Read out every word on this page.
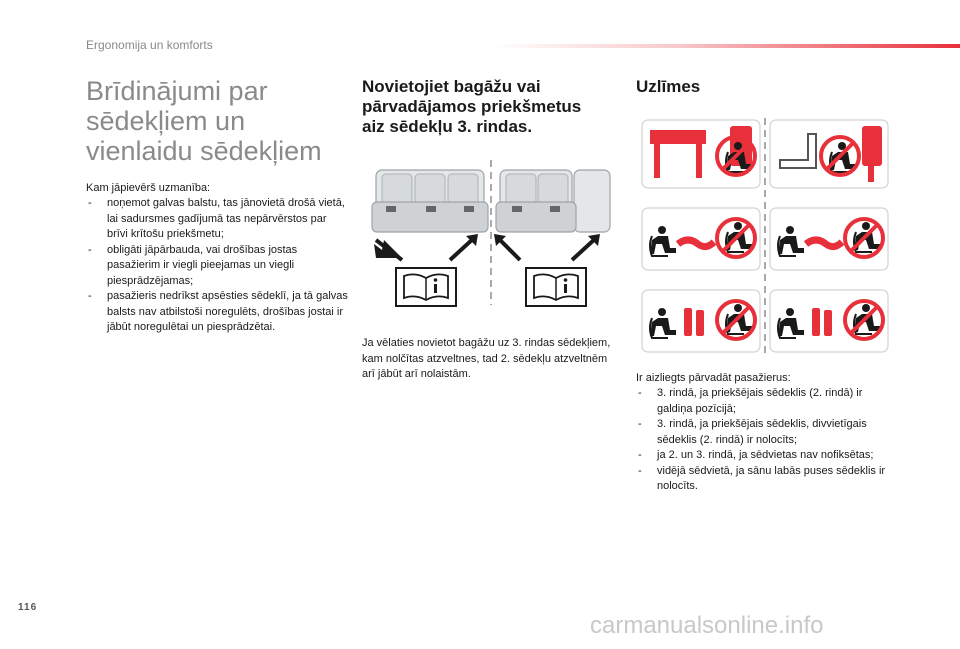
Ergonomija un komforts
116
Brīdinājumi par
sēdekļiem un
vienlaidu sēdekļiem
Kam jāpievērš uzmanība:
- noņemot galvas balstu, tas jānovietā drošā vietā, lai sadursmes gadījumā tas nepārvērstos par brīvi krītošu priekšmetu;
- obligāti jāpārbauda, vai drošības jostas pasažierim ir viegli pieejamas un viegli piesprādzējamas;
- pasažieris nedrīkst apsēsties sēdeklī, ja tā galvas balsts nav atbilstoši noregulēts, drošības jostai ir jābūt noregulētai un piesprādzētai.
Novietojiet bagāžu vai
pārvadājamos priekšmetus
aiz sēdekļu 3. rindas.
Ja vēlaties novietot bagāžu uz 3. rindas sēdekļiem, kam nolčītas atzveltnes, tad 2. sēdekļu atzveltnēm arī jābūt arī nolaistām.
Uzlīmes
Ir aizliegts pārvadāt pasažierus:
- 3. rindā, ja priekšējais sēdeklis (2. rindā) ir galdiņa pozīcijā;
- 3. rindā, ja priekšējais sēdeklis, divvietīgais sēdeklis (2. rindā) ir nolocīts;
- ja 2. un 3. rindā, ja sēdvietas nav nofiksētas;
- vidējā sēdvietā, ja sānu labās puses sēdeklis ir nolocīts.
carmanualsonline.info
